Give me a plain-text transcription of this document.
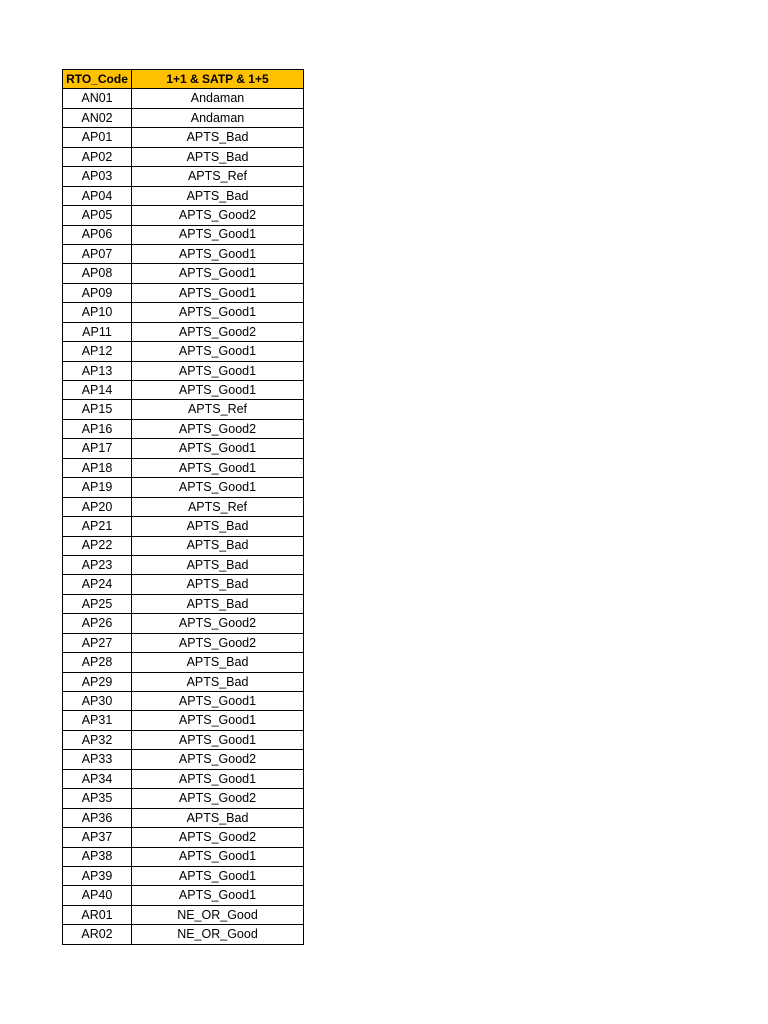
RTO_Code	1+1 & SATP & 1+5
AN01	Andaman
AN02	Andaman
AP01	APTS_Bad
AP02	APTS_Bad
AP03	APTS_Ref
AP04	APTS_Bad
AP05	APTS_Good2
AP06	APTS_Good1
AP07	APTS_Good1
AP08	APTS_Good1
AP09	APTS_Good1
AP10	APTS_Good1
AP11	APTS_Good2
AP12	APTS_Good1
AP13	APTS_Good1
AP14	APTS_Good1
AP15	APTS_Ref
AP16	APTS_Good2
AP17	APTS_Good1
AP18	APTS_Good1
AP19	APTS_Good1
AP20	APTS_Ref
AP21	APTS_Bad
AP22	APTS_Bad
AP23	APTS_Bad
AP24	APTS_Bad
AP25	APTS_Bad
AP26	APTS_Good2
AP27	APTS_Good2
AP28	APTS_Bad
AP29	APTS_Bad
AP30	APTS_Good1
AP31	APTS_Good1
AP32	APTS_Good1
AP33	APTS_Good2
AP34	APTS_Good1
AP35	APTS_Good2
AP36	APTS_Bad
AP37	APTS_Good2
AP38	APTS_Good1
AP39	APTS_Good1
AP40	APTS_Good1
AR01	NE_OR_Good
AR02	NE_OR_Good
